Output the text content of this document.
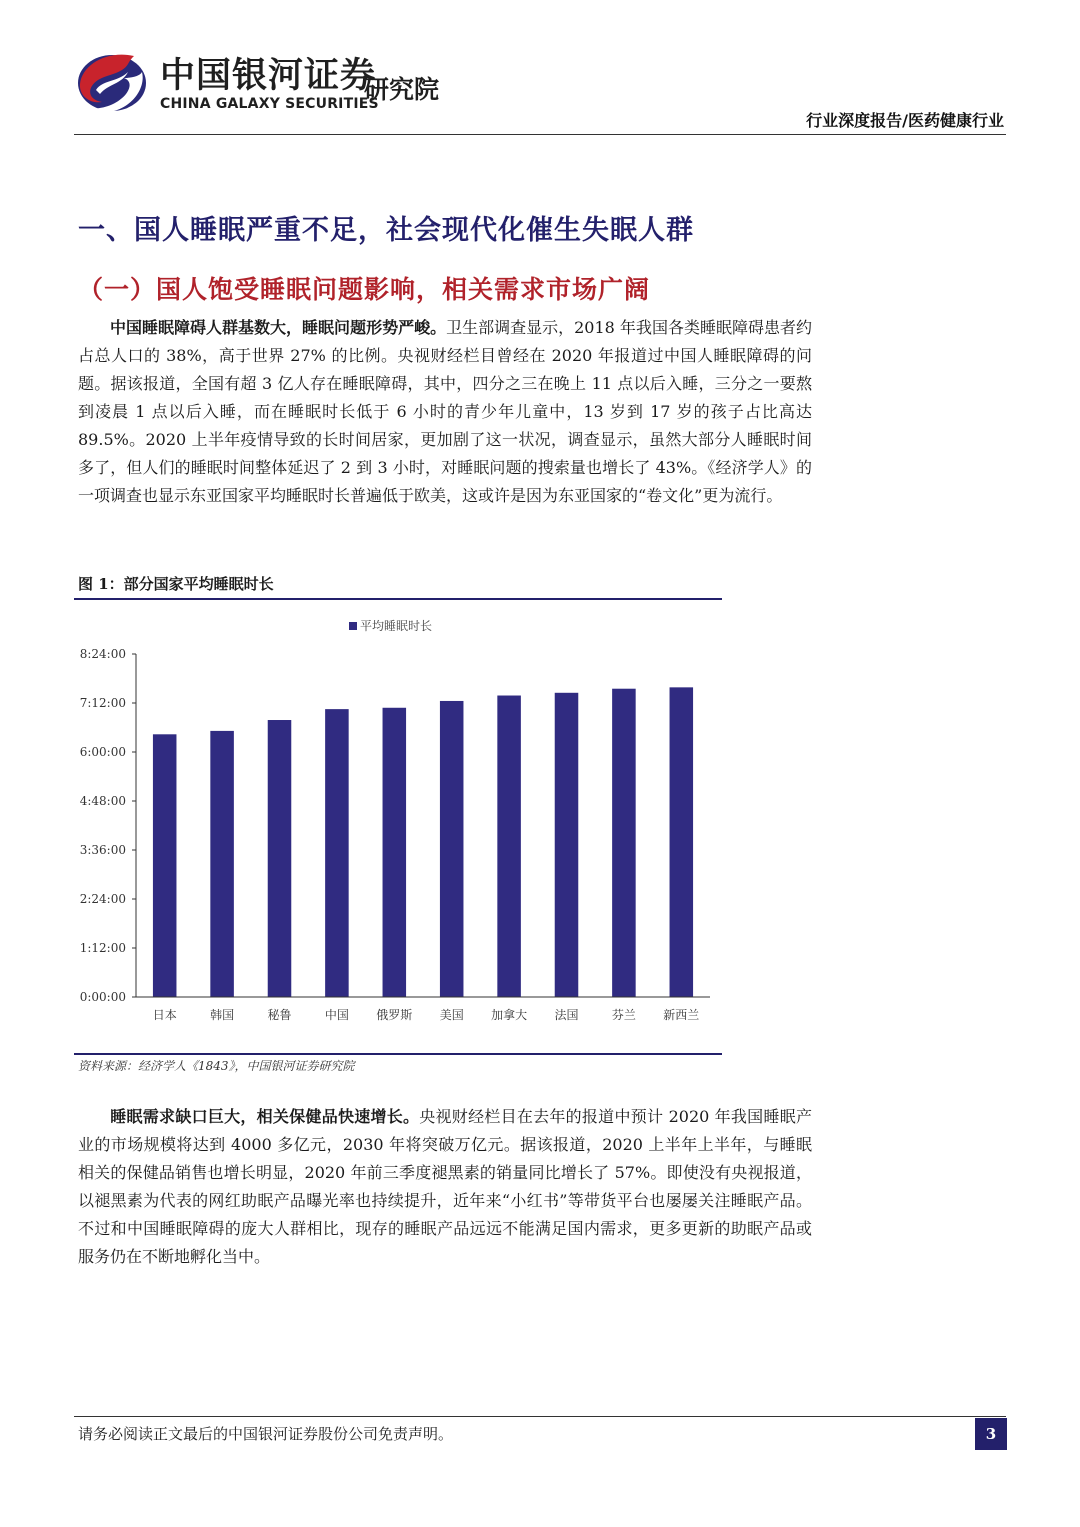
中国银河证券
CHINA GALAXY SECURITIES
研究院
行业深度报告/医药健康行业
一、国人睡眠严重不足，社会现代化催生失眠人群
（一）国人饱受睡眠问题影响，相关需求市场广阔
  中国睡眠障碍人群基数大，睡眠问题形势严峻。卫生部调查显示，2018 年我国各类睡眠障碍患者约占总人口的 38%，高于世界 27% 的比例。央视财经栏目曾经在 2020 年报道过中国人睡眠障碍的问题。据该报道，全国有超 3 亿人存在睡眠障碍，其中，四分之三在晚上 11 点以后入睡，三分之一要熬到凌晨 1 点以后入睡，而在睡眠时长低于 6 小时的青少年儿童中，13 岁到 17 岁的孩子占比高达 89.5%。2020 上半年疫情导致的长时间居家，更加剧了这一状况，调查显示，虽然大部分人睡眠时间多了，但人们的睡眠时间整体延迟了 2 到 3 小时，对睡眠问题的搜索量也增长了 43%。《经济学人》的一项调查也显示东亚国家平均睡眠时长普遍低于欧美，这或许是因为东亚国家的“卷文化”更为流行。
图 1：部分国家平均睡眠时长
平均睡眠时长
0:00:00
1:12:00
2:24:00
3:36:00
4:48:00
6:00:00
7:12:00
8:24:00
日本	韩国	秘鲁	中国 俄罗斯 美国 加拿大 法国	芬兰 新西兰
资料来源：经济学人《1843》，中国银河证券研究院
  睡眠需求缺口巨大，相关保健品快速增长。央视财经栏目在去年的报道中预计 2020 年我国睡眠产业的市场规模将达到 4000 多亿元，2030 年将突破万亿元。据该报道，2020 上半年上半年，与睡眠相关的保健品销售也增长明显，2020 年前三季度褪黑素的销量同比增长了 57%。即使没有央视报道，以褪黑素为代表的网红助眠产品曝光率也持续提升，近年来“小红书”等带货平台也屡屡关注睡眠产品。不过和中国睡眠障碍的庞大人群相比，现存的睡眠产品远远不能满足国内需求，更多更新的助眠产品或服务仍在不断地孵化当中。
请务必阅读正文最后的中国银河证券股份公司免责声明。	3
